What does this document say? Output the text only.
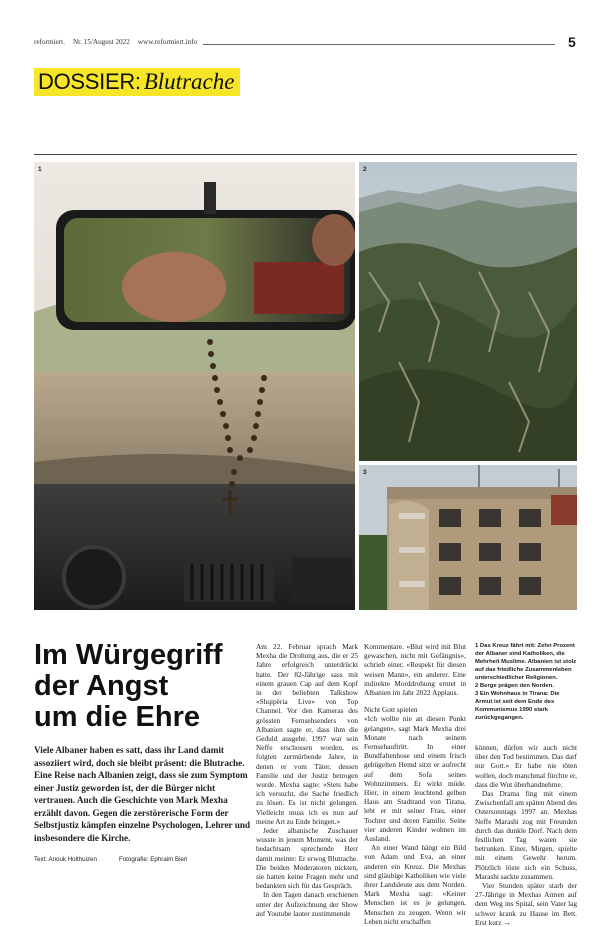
reformiert. Nr. 15/August 2022 www.reformiert.info	5
DOSSIER: Blutrache
1	2
3
Im Würgegriff
der Angst
um die Ehre
Viele Albaner haben es satt, dass ihr Land damit assoziiert wird, doch sie bleibt präsent: die Blutrache. Eine Reise nach Albanien zeigt, dass sie zum Symptom einer Justiz geworden ist, der die Bürger nicht vertrauen. Auch die Geschichte von Mark Mexha erzählt davon. Gegen die zerstörerische Form der Selbstjustiz kämpfen einzelne Psychologen, Lehrer und insbesondere die Kirche.
Text: Anouk Holthuizen	Fotografie: Ephraim Bieri

Am 22. Februar sprach Mark Mexha die Drohung aus, die er 25 Jahre erfolgreich unterdrückt hatte. Der 82-Jährige sass mit einem grauen Cap auf dem Kopf in der beliebten Talkshow «Shqipëria Live» von Top Channel. Vor den Kameras des grössten Fernsehsenders von Albanien sagte er, dass ihm die Geduld ausgehe. 1997 war sein Neffe erschossen worden, es folgten zermürbende Jahre, in denen er vom Täter, dessen Familie und der Justiz betrogen wurde. Mexha sagte: «Stets habe ich versucht, die Sache friedlich zu lösen. Es ist nicht gelungen. Vielleicht muss ich es nun auf meine Art zu Ende bringen.»

Jeder albanische Zuschauer wusste in jenem Moment, was der bedachtsam sprechende Herr damit meinte: Er erwog Blutrache. Die beiden Moderatoren nickten, sie hatten keine Fragen mehr und bedankten sich für das Gespräch.

In den Tagen danach erschienen unter der Aufzeichnung der Show auf Youtube lauter zustimmende

Kommentare. «Blut wird mit Blut gewaschen, nicht mit Gefängnis», schrieb einer, «Respekt für diesen weisen Mann», ein anderer. Eine indirekte Morddrohung erntet in Albanien im Jahr 2022 Applaus.

Nicht Gott spielen

«Ich wollte nie an diesen Punkt gelangen», sagt Mark Mexha drei Monate nach seinem Fernsehauftritt. In einer Bundfaltenhose und einem frisch gebügelten Hemd sitzt er aufrecht auf dem Sofa seines Wohnzimmers. Er wirkt müde. Hier, in einem leuchtend gelben Haus am Stadtrand von Tirana, lebt er mit seiner Frau, einer Tochter und deren Familie. Seine vier anderen Kinder wohnen im Ausland.

An einer Wand hängt ein Bild von Adam und Eva, an einer anderen ein Kreuz. Die Mexhas sind gläubige Katholiken wie viele ihrer Landsleute aus dem Norden. Mark Mexha sagt: «Keiner Menschen ist es je gelungen, Menschen zu zeugen. Wenn wir Leben nicht erschaffen

1 Das Kreuz fährt mit: Zehn Prozent der Albaner sind Katholiken, die Mehrheit Muslime. Albanien ist stolz auf das friedliche Zusammenleben unterschiedlicher Religionen.

2 Berge prägen den Norden.

3 Ein Wohnhaus in Tirana: Die Armut ist seit dem Ende des Kommunismus 1990 stark zurückgegangen.

können, dürfen wir auch nicht über den Tod bestimmen. Das darf nur Gott.» Er habe nie töten wollen, doch manchmal fürchte er, dass die Wut überhandnehme.

Das Drama fing mit einem Zwischenfall am späten Abend des Ostersonntags 1997 an. Mexhas Neffe Marashi zog mit Freunden durch das dunkle Dorf. Nach dem festlichen Tag waren sie betrunken. Einer, Mirgen, spielte mit einem Gewehr herum. Plötzlich löste sich ein Schuss, Marashi sackte zusammen.

Vier Stunden später starb der 27-Jährige in Mexhas Armen auf dem Weg ins Spital, sein Vater lag schwer krank zu Hause im Bett. Erst kurz →
